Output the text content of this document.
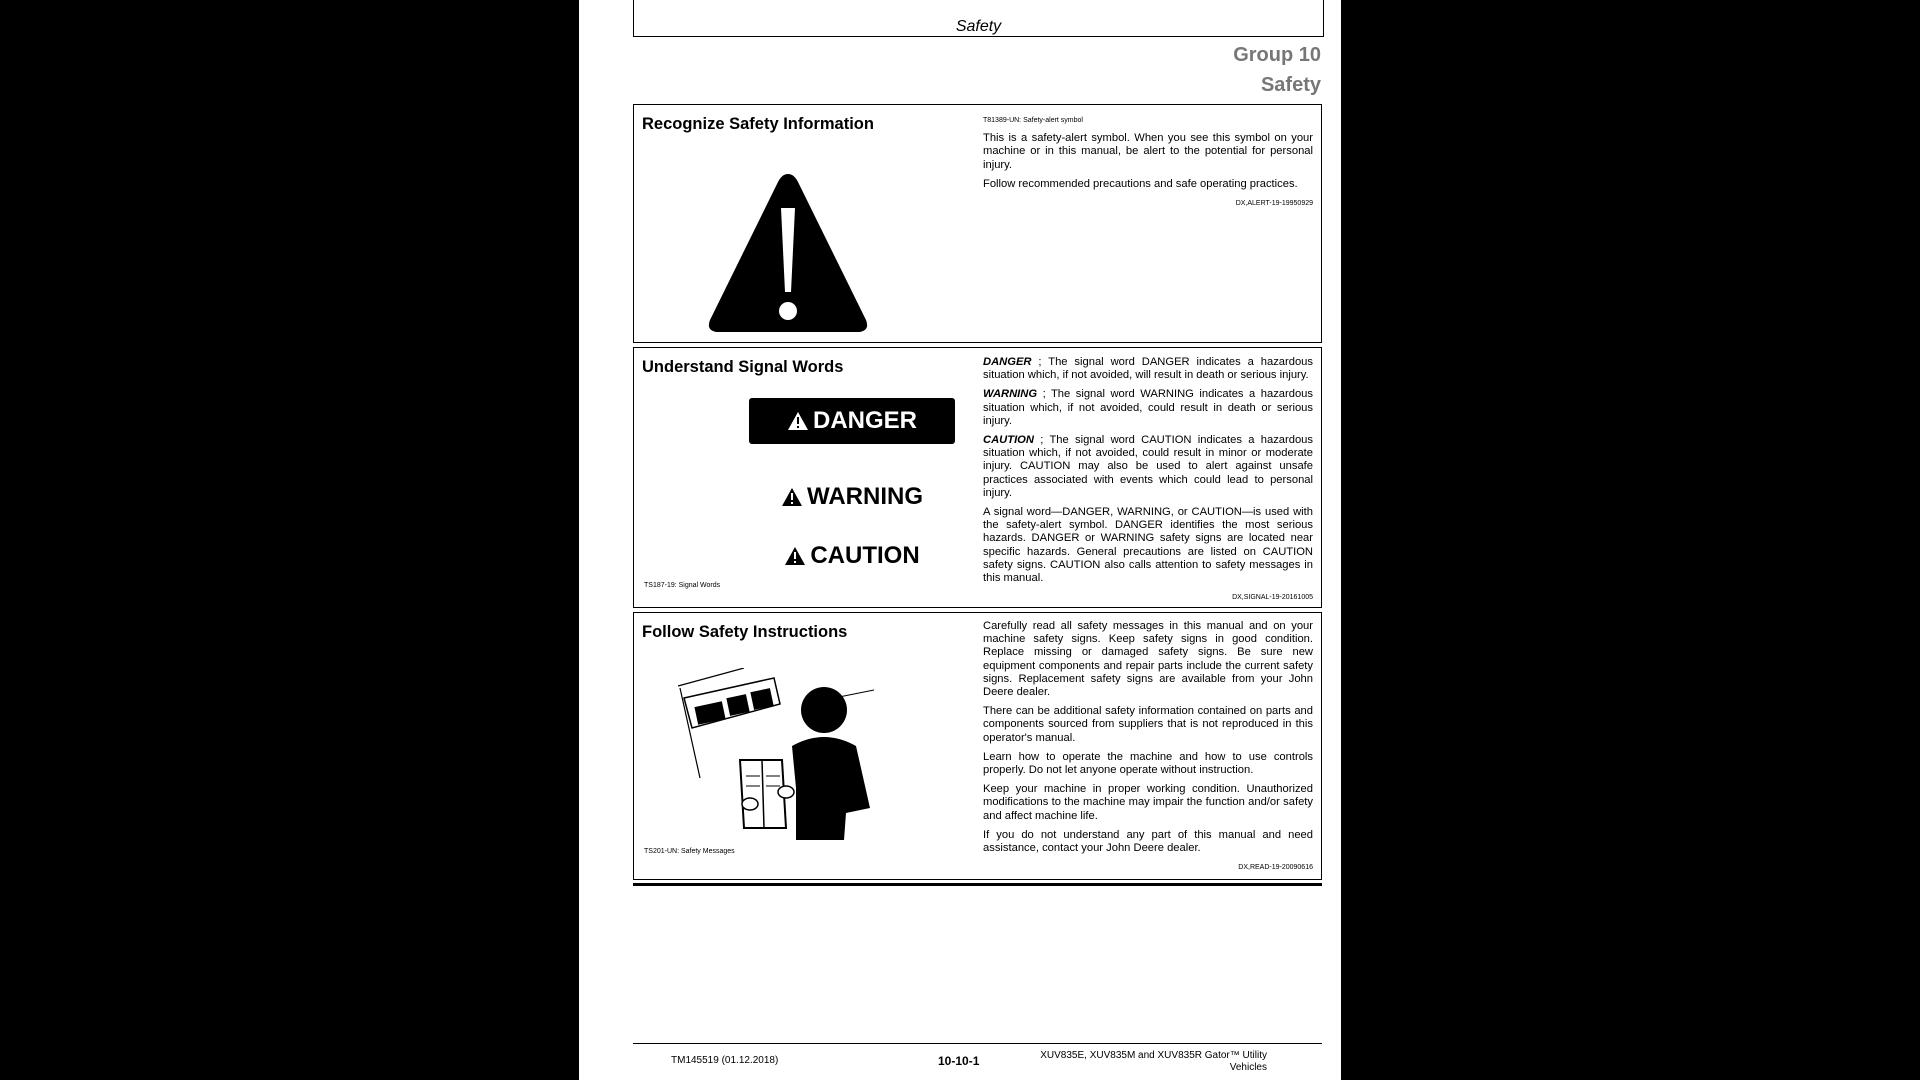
Safety
Group 10
Safety
Recognize Safety Information	T81389-UN: Safety-alert symbol

This is a safety-alert symbol. When you see this symbol on your machine or in this manual, be alert to the potential for personal injury.

Follow recommended precautions and safe operating practices.

DX,ALERT-19-19950929
Understand Signal Words
DANGER
WARNING
CAUTION
TS187-19: Signal Words

DANGER ; The signal word DANGER indicates a hazardous situation which, if not avoided, will result in death or serious injury.

WARNING ; The signal word WARNING indicates a hazardous situation which, if not avoided, could result in death or serious injury.

CAUTION ; The signal word CAUTION indicates a hazardous situation which, if not avoided, could result in minor or moderate injury. CAUTION may also be used to alert against unsafe practices associated with events which could lead to personal injury.

A signal word—DANGER, WARNING, or CAUTION—is used with the safety-alert symbol. DANGER identifies the most serious hazards. DANGER or WARNING safety signs are located near specific hazards. General precautions are listed on CAUTION safety signs. CAUTION also calls attention to safety messages in this manual.

DX,SIGNAL-19-20161005
Follow Safety Instructions
TS201-UN: Safety Messages

Carefully read all safety messages in this manual and on your machine safety signs. Keep safety signs in good condition. Replace missing or damaged safety signs. Be sure new equipment components and repair parts include the current safety signs. Replacement safety signs are available from your John Deere dealer.

There can be additional safety information contained on parts and components sourced from suppliers that is not reproduced in this operator's manual.

Learn how to operate the machine and how to use controls properly. Do not let anyone operate without instruction.

Keep your machine in proper working condition. Unauthorized modifications to the machine may impair the function and/or safety and affect machine life.

If you do not understand any part of this manual and need assistance, contact your John Deere dealer.

DX,READ-19-20090616
TM145519 (01.12.2018)	10-10-1	XUV835E, XUV835M and XUV835R Gator™ Utility Vehicles
